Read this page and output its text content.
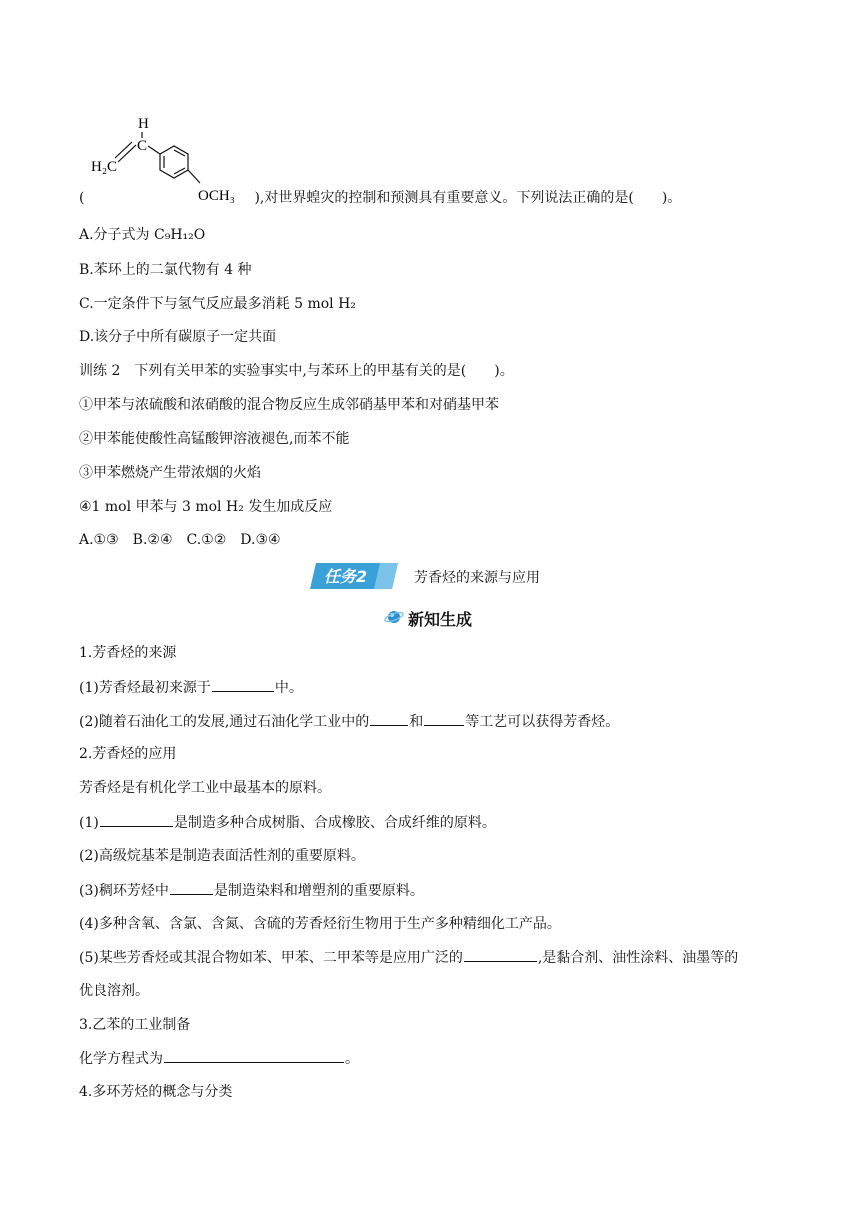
H
C
H₂C
OCH₃
(	),对世界蝗灾的控制和预测具有重要意义。下列说法正确的是(　　)。
A.分子式为 C₉H₁₂O
B.苯环上的二氯代物有 4 种
C.一定条件下与氢气反应最多消耗 5 mol H₂
D.该分子中所有碳原子一定共面
训练 2　下列有关甲苯的实验事实中,与苯环上的甲基有关的是(　　)。
①甲苯与浓硫酸和浓硝酸的混合物反应生成邻硝基甲苯和对硝基甲苯
②甲苯能使酸性高锰酸钾溶液褪色,而苯不能
③甲苯燃烧产生带浓烟的火焰
④1 mol 甲苯与 3 mol H₂ 发生加成反应
A.①③　B.②④　C.①②　D.③④
任务2	芳香烃的来源与应用
新知生成
1.芳香烃的来源
(1)芳香烃最初来源于	中。
(2)随着石油化工的发展,通过石油化学工业中的	和	等工艺可以获得芳香烃。
2.芳香烃的应用
芳香烃是有机化学工业中最基本的原料。
(1)	是制造多种合成树脂、合成橡胶、合成纤维的原料。
(2)高级烷基苯是制造表面活性剂的重要原料。
(3)稠环芳烃中	是制造染料和增塑剂的重要原料。
(4)多种含氧、含氯、含氮、含硫的芳香烃衍生物用于生产多种精细化工产品。
(5)某些芳香烃或其混合物如苯、甲苯、二甲苯等是应用广泛的	,是黏合剂、油性涂料、油墨等的
优良溶剂。
3.乙苯的工业制备
化学方程式为	。
4.多环芳烃的概念与分类
